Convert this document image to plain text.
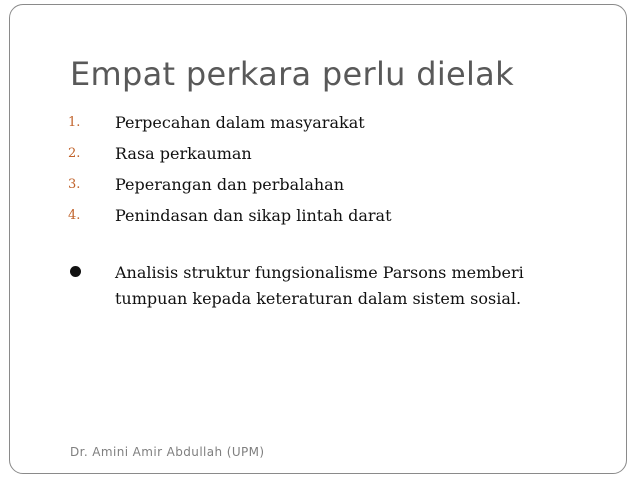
Empat perkara perlu dielak
1. Perpecahan dalam masyarakat
2. Rasa perkauman
3. Peperangan dan perbalahan
4. Penindasan dan sikap lintah darat
Analisis struktur fungsionalisme Parsons memberi tumpuan kepada keteraturan dalam sistem sosial.
Dr. Amini Amir Abdullah (UPM)
